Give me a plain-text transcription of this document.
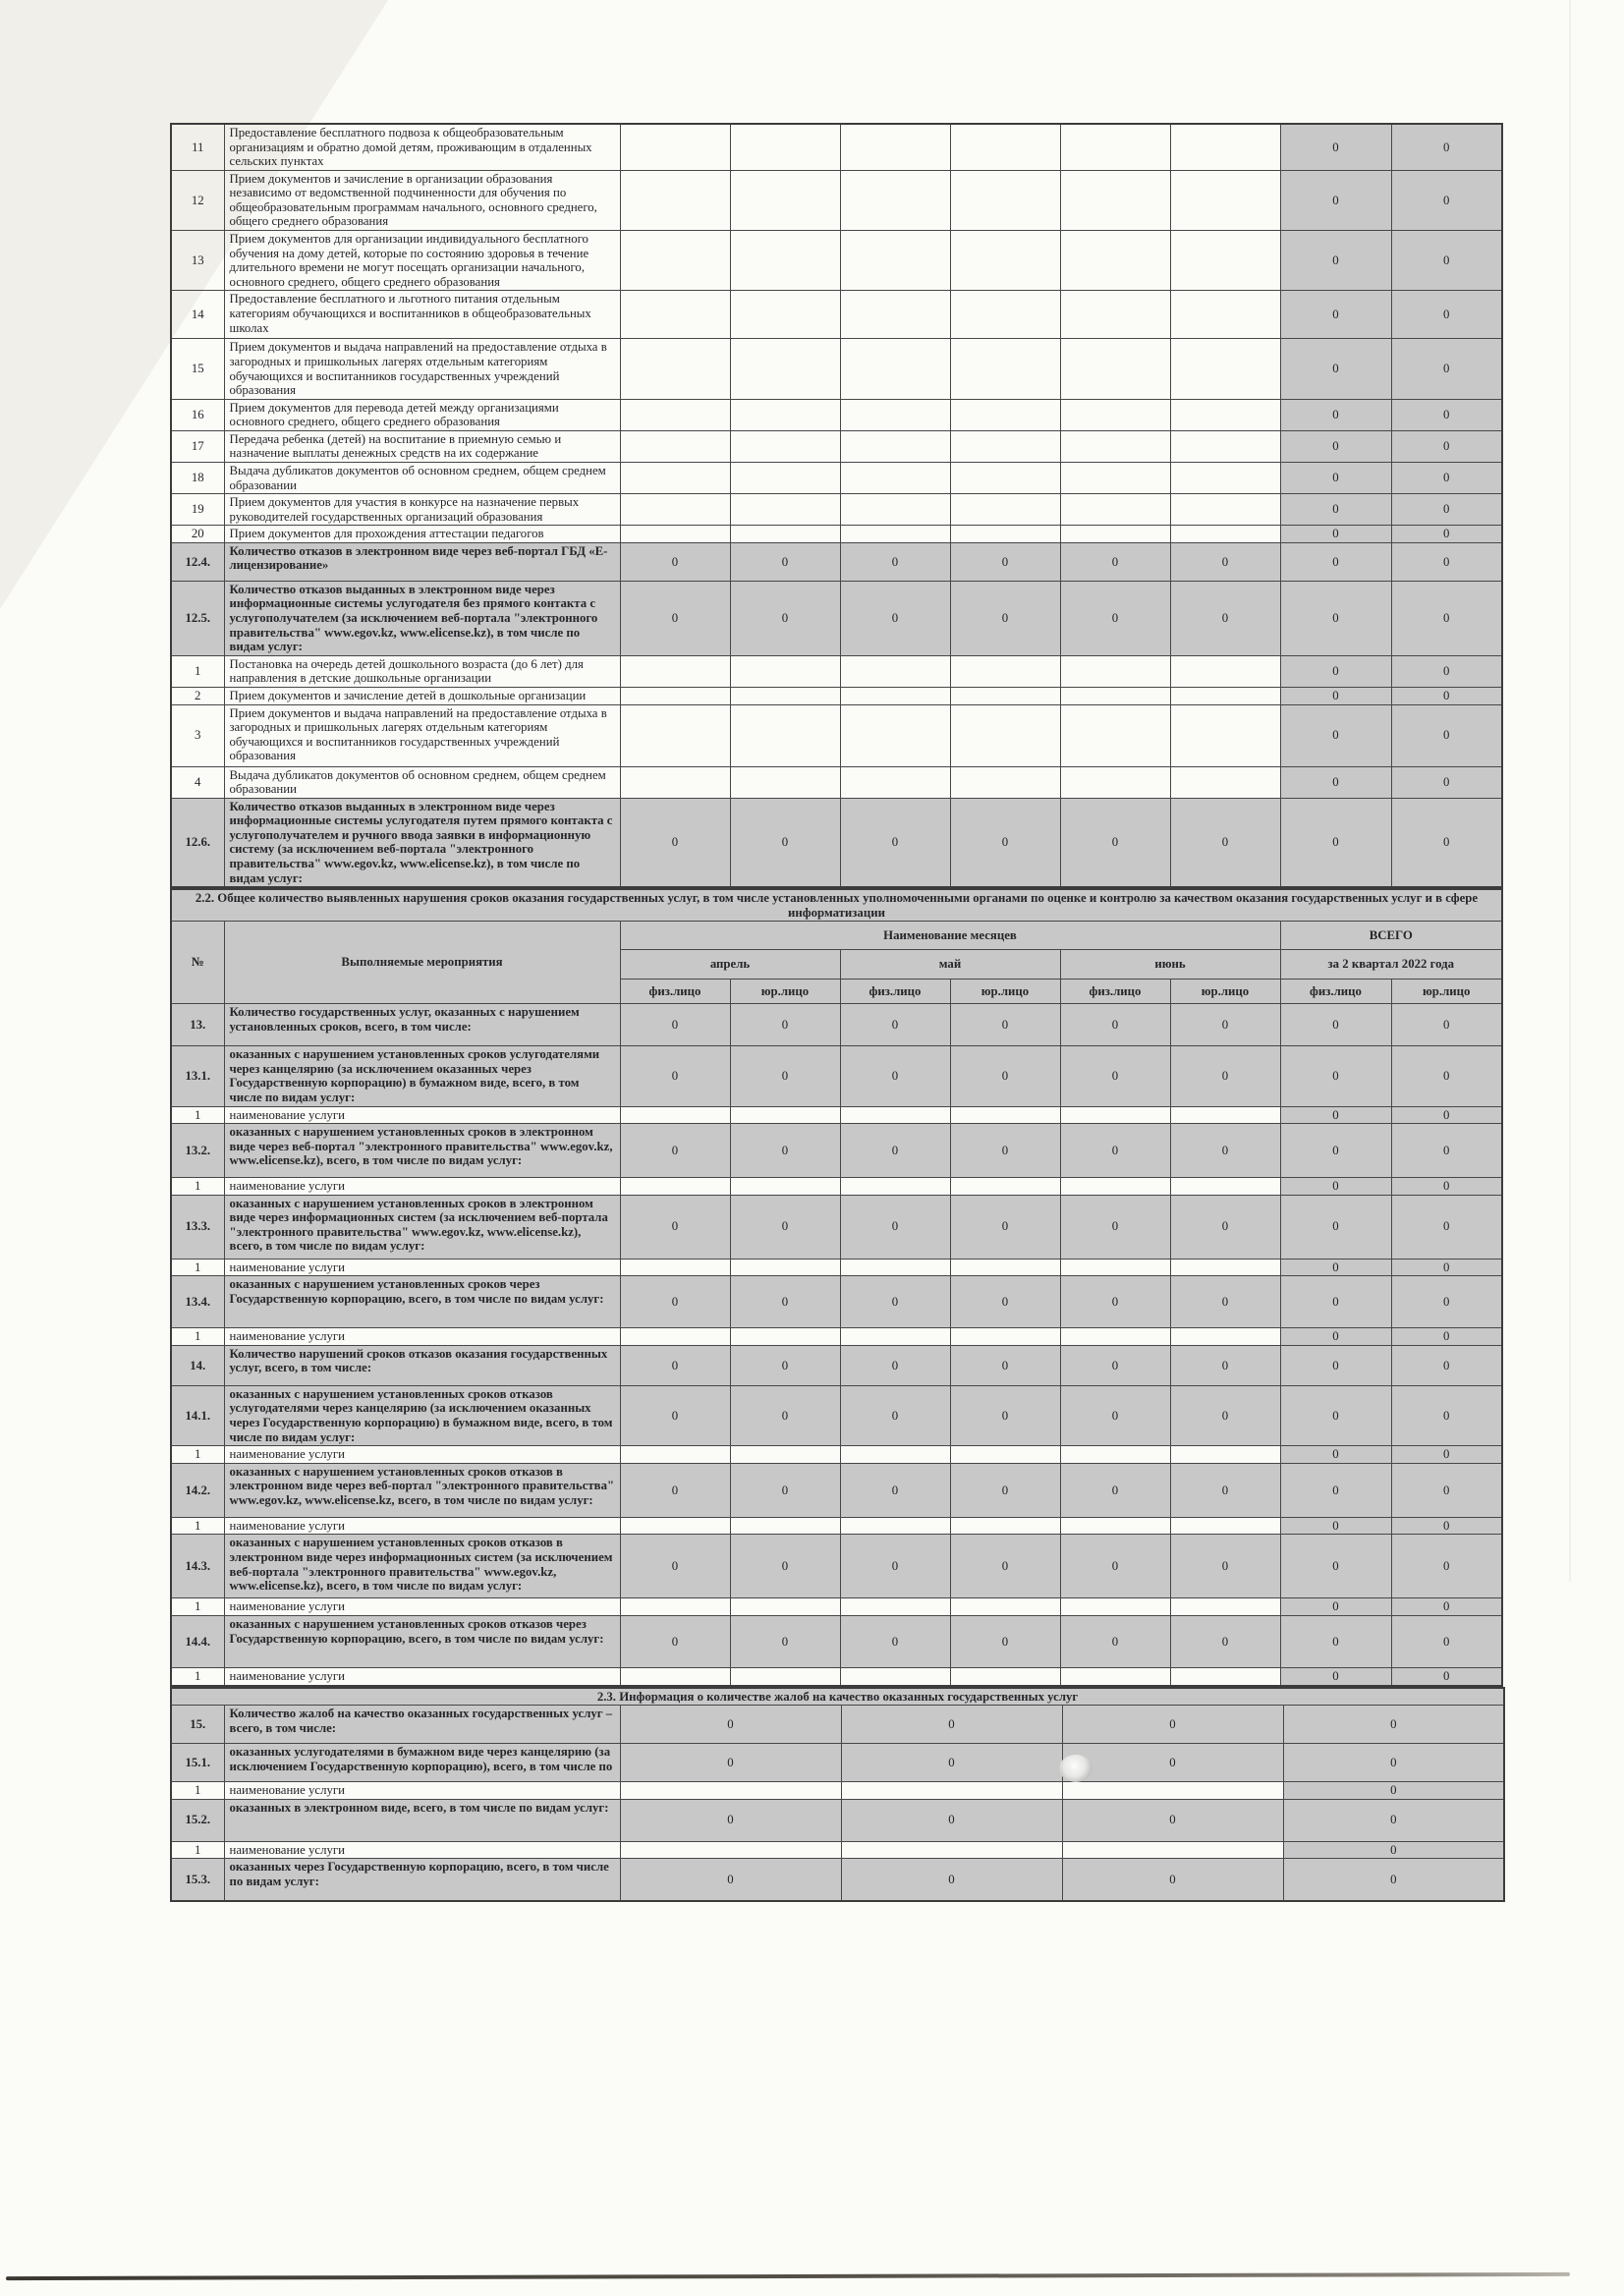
11	Предоставление бесплатного подвоза к общеобразовательным организациям и обратно домой детям, проживающим в отдаленных сельских пунктах							0	0
12	Прием документов и зачисление в организации образования независимо от ведомственной подчиненности для обучения по общеобразовательным программам начального, основного среднего, общего среднего образования							0	0
13	Прием документов для организации индивидуального бесплатного обучения на дому детей, которые по состоянию здоровья в течение длительного времени не могут посещать организации начального, основного среднего, общего среднего образования							0	0
14	Предоставление бесплатного и льготного питания отдельным категориям обучающихся и воспитанников в общеобразовательных школах							0	0
15	Прием документов и выдача направлений на предоставление отдыха в загородных и пришкольных лагерях отдельным категориям обучающихся и воспитанников государственных учреждений образования							0	0
16	Прием документов для перевода детей между организациями основного среднего, общего среднего образования							0	0
17	Передача ребенка (детей) на воспитание в приемную семью и назначение выплаты денежных средств на их содержание							0	0
18	Выдача дубликатов документов об основном среднем, общем среднем образовании							0	0
19	Прием документов для участия в конкурсе на назначение первых руководителей государственных организаций образования							0	0
20	Прием документов для прохождения аттестации педагогов							0	0
12.4.	Количество отказов в электронном виде через веб-портал ГБД «Е-лицензирование»	0	0	0	0	0	0	0	0
12.5.	Количество отказов выданных в электронном виде через информационные системы услугодателя без прямого контакта с услугополучателем (за исключением веб-портала "электронного правительства" www.egov.kz, www.elicense.kz), в том числе по видам услуг:	0	0	0	0	0	0	0	0
1	Постановка на очередь детей дошкольного возраста (до 6 лет) для направления в детские дошкольные организации							0	0
2	Прием документов и зачисление детей в дошкольные организации							0	0
3	Прием документов и выдача направлений на предоставление отдыха в загородных и пришкольных лагерях отдельным категориям обучающихся и воспитанников государственных учреждений образования							0	0
4	Выдача дубликатов документов об основном среднем, общем среднем образовании							0	0
12.6.	Количество отказов выданных в электронном виде через информационные системы услугодателя путем прямого контакта с услугополучателем и ручного ввода заявки в информационную систему (за исключением веб-портала "электронного правительства" www.egov.kz, www.elicense.kz), в том числе по видам услуг:	0	0	0	0	0	0	0	0
2.2. Общее количество выявленных нарушения сроков оказания государственных услуг, в том числе установленных уполномоченными органами по оценке и контролю за качеством оказания государственных услуг и в сфере информатизации									
№	Выполняемые мероприятия	Наименование месяцев						ВСЕГО	
		апрель		май		июнь		за 2 квартал 2022 года	
		физ.лицо	юр.лицо	физ.лицо	юр.лицо	физ.лицо	юр.лицо	физ.лицо	юр.лицо
13.	Количество государственных услуг, оказанных с нарушением установленных сроков, всего, в том числе:	0	0	0	0	0	0	0	0
13.1.	оказанных с нарушением установленных сроков услугодателями через канцелярию (за исключением оказанных через Государственную корпорацию) в бумажном виде, всего, в том числе по видам услуг:	0	0	0	0	0	0	0	0
1	наименование услуги							0	0
13.2.	оказанных с нарушением установленных сроков в электронном виде через веб-портал "электронного правительства" www.egov.kz, www.elicense.kz), всего, в том числе по видам услуг:	0	0	0	0	0	0	0	0
1	наименование услуги							0	0
13.3.	оказанных с нарушением установленных сроков в электронном виде через информационных систем (за исключением веб-портала "электронного правительства" www.egov.kz, www.elicense.kz), всего, в том числе по видам услуг:	0	0	0	0	0	0	0	0
1	наименование услуги							0	0
13.4.	оказанных с нарушением установленных сроков через Государственную корпорацию, всего, в том числе по видам услуг:	0	0	0	0	0	0	0	0
1	наименование услуги							0	0
14.	Количество нарушений сроков отказов оказания государственных услуг, всего, в том числе:	0	0	0	0	0	0	0	0
14.1.	оказанных с нарушением установленных сроков отказов услугодателями через канцелярию (за исключением оказанных через Государственную корпорацию) в бумажном виде, всего, в том числе по видам услуг:	0	0	0	0	0	0	0	0
1	наименование услуги							0	0
14.2.	оказанных с нарушением установленных сроков отказов в электронном виде через веб-портал "электронного правительства" www.egov.kz, www.elicense.kz, всего, в том числе по видам услуг:	0	0	0	0	0	0	0	0
1	наименование услуги							0	0
14.3.	оказанных с нарушением установленных сроков отказов в электронном виде через информационных систем (за исключением веб-портала "электронного правительства" www.egov.kz, www.elicense.kz), всего, в том числе по видам услуг:	0	0	0	0	0	0	0	0
1	наименование услуги							0	0
14.4.	оказанных с нарушением установленных сроков отказов через Государственную корпорацию, всего, в том числе по видам услуг:	0	0	0	0	0	0	0	0
1	наименование услуги							0	0
2.3. Информация о количестве жалоб на качество оказанных государственных услуг					
15.	Количество жалоб на качество оказанных государственных услуг – всего, в том числе:	0	0	0	0
15.1.	оказанных услугодателями в бумажном виде через канцелярию (за исключением Государственную корпорацию), всего, в том числе по	0	0	0	0
1	наименование услуги				0
15.2.	оказанных в электронном виде, всего, в том числе по видам услуг:	0	0	0	0
1	наименование услуги				0
15.3.	оказанных через Государственную корпорацию, всего, в том числе по видам услуг:	0	0	0	0
